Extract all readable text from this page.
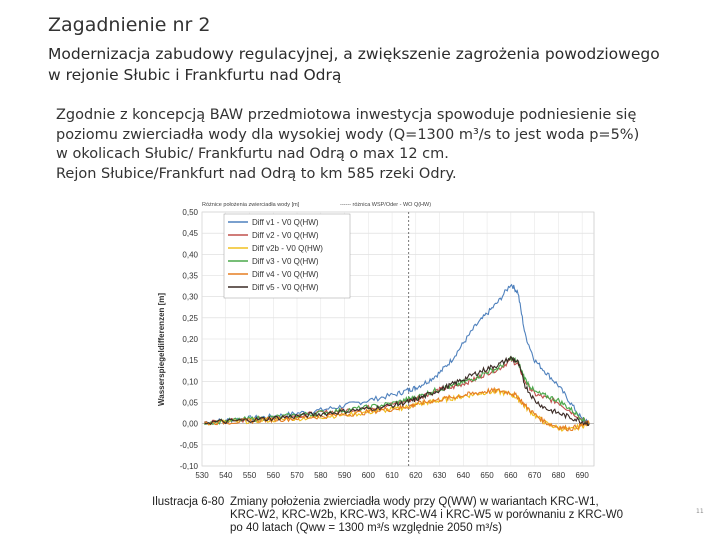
Zagadnienie nr 2
Modernizacja zabudowy regulacyjnej, a zwiększenie zagrożenia powodziowego
w rejonie Słubic i Frankfurtu nad Odrą
Zgodnie z koncepcją BAW przedmiotowa inwestycja spowoduje podniesienie się
poziomu zwierciadła wody dla wysokiej wody (Q=1300 m³/s to jest woda p=5%)
w okolicach Słubic/ Frankfurtu nad Odrą o max 12 cm.
Rejon Słubice/Frankfurt nad Odrą to km 585 rzeki Odry.
Różnice położenia zwierciadła wody [m]	------ różnica WSP/Oder - WO Q(HW)
Wasserspiegeldifferenzen [m]
-0,10
-0,05
0,00
0,05
0,10
0,15
0,20
0,25
0,30
0,35
0,40
0,45
0,50
530 540 550 560 570 580 590 600 610 620 630 640 650 660 670 680 690
Diff v1 - V0 Q(HW)
Diff v2 - V0 Q(HW)
Diff v2b - V0 Q(HW)
Diff v3 - V0 Q(HW)
Diff v4 - V0 Q(HW)
Diff v5 - V0 Q(HW)
Ilustracja 6-80 Zmiany położenia zwierciadła wody przy Q(WW) w wariantach KRC-W1,
KRC-W2, KRC-W2b, KRC-W3, KRC-W4 i KRC-W5 w porównaniu z KRC-W0
po 40 latach (Qww = 1300 m³/s względnie 2050 m³/s)
11
